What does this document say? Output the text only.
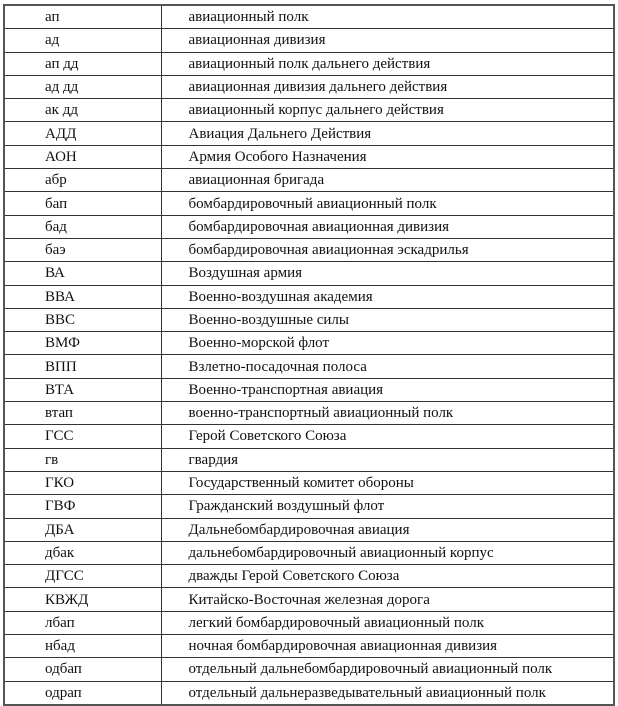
ап	авиационный полк
ад	авиационная дивизия
ап дд	авиационный полк дальнего действия
ад дд	авиационная дивизия дальнего действия
ак дд	авиационный корпус дальнего действия
АДД	Авиация Дальнего Действия
АОН	Армия Особого Назначения
абр	авиационная бригада
бап	бомбардировочный авиационный полк
бад	бомбардировочная авиационная дивизия
баэ	бомбардировочная авиационная эскадрилья
ВА	Воздушная армия
ВВА	Военно-воздушная академия
ВВС	Военно-воздушные силы
ВМФ	Военно-морской флот
ВПП	Взлетно-посадочная полоса
ВТА	Военно-транспортная авиация
втап	военно-транспортный авиационный полк
ГСС	Герой Советского Союза
гв	гвардия
ГКО	Государственный комитет обороны
ГВФ	Гражданский воздушный флот
ДБА	Дальнебомбардировочная авиация
дбак	дальнебомбардировочный авиационный корпус
ДГСС	дважды Герой Советского Союза
КВЖД	Китайско-Восточная железная дорога
лбап	легкий бомбардировочный авиационный полк
нбад	ночная бомбардировочная авиационная дивизия
одбап	отдельный дальнебомбардировочный авиационный полк
одрап	отдельный дальнеразведывательный авиационный полк
